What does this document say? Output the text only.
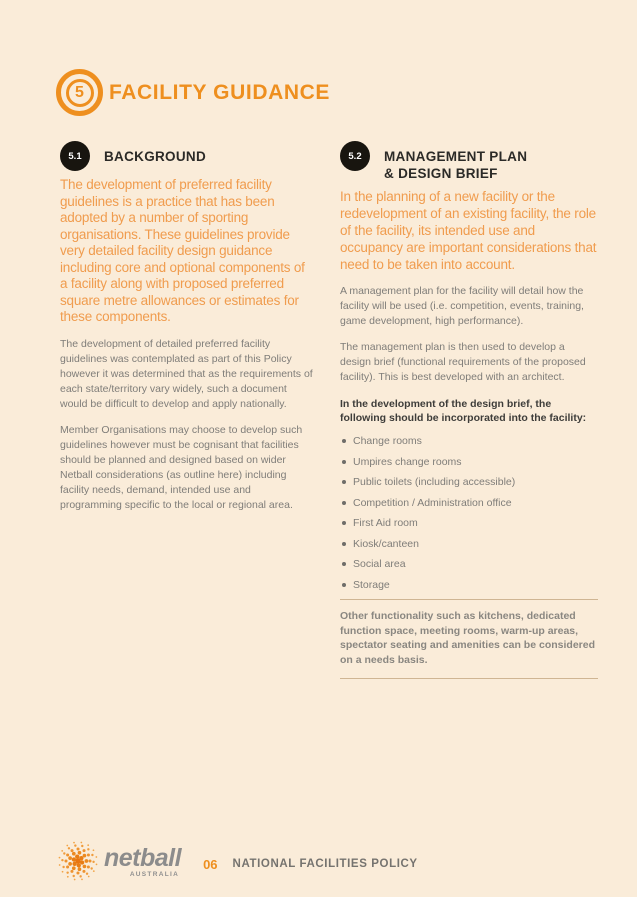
5	FACILITY GUIDANCE
5.1	BACKGROUND

The development of preferred facility guidelines is a practice that has been adopted by a number of sporting organisations. These guidelines provide very detailed facility design guidance including core and optional components of a facility along with proposed preferred square metre allowances or estimates for these components.

The development of detailed preferred facility guidelines was contemplated as part of this Policy however it was determined that as the requirements of each state/territory vary widely, such a document would be difficult to develop and apply nationally.

Member Organisations may choose to develop such guidelines however must be cognisant that facilities should be planned and designed based on wider Netball considerations (as outline here) including facility needs, demand, intended use and programming specific to the local or regional area.

5.2	MANAGEMENT PLAN
& DESIGN BRIEF

In the planning of a new facility or the redevelopment of an existing facility, the role of the facility, its intended use and occupancy are important considerations that need to be taken into account.

A management plan for the facility will detail how the facility will be used (i.e. competition, events, training, game development, high performance).

The management plan is then used to develop a design brief (functional requirements of the proposed facility). This is best developed with an architect.

In the development of the design brief, the following should be incorporated into the facility:

Change rooms
Umpires change rooms
Public toilets (including accessible)
Competition / Administration office
First Aid room
Kiosk/canteen
Social area
Storage

Other functionality such as kitchens, dedicated function space, meeting rooms, warm-up areas, spectator seating and amenities can be considered on a needs basis.

netball
AUSTRALIA
06 NATIONAL FACILITIES POLICY
